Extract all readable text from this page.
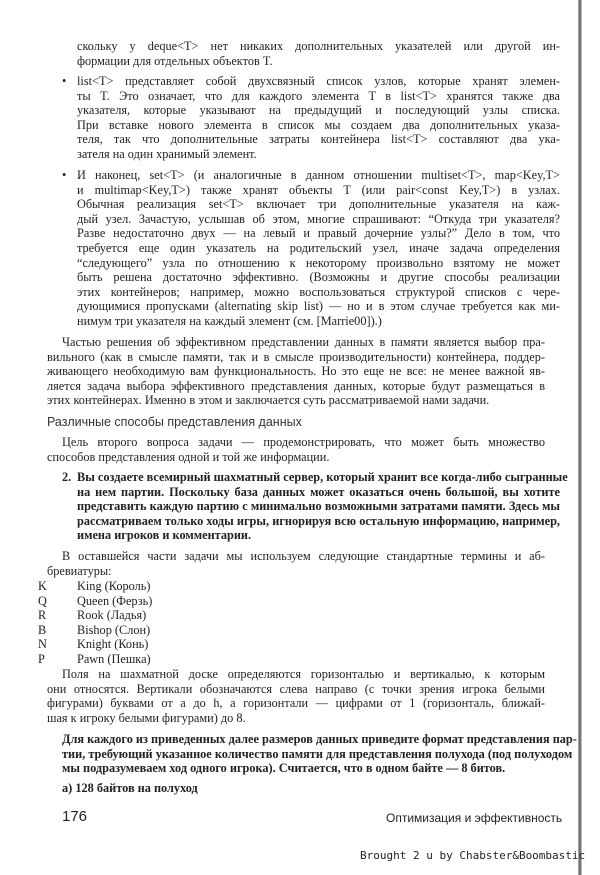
скольку у deque<T> нет никаких дополнительных указателей или другой ин-
формации для отдельных объектов T.
• list<T> представляет собой двухсвязный список узлов, которые хранят элемен-
ты T. Это означает, что для каждого элемента T в list<T> хранятся также два
указателя, которые указывают на предыдущий и последующий узлы списка.
При вставке нового элемента в список мы создаем два дополнительных указа-
теля, так что дополнительные затраты контейнера list<T> составляют два ука-
зателя на один хранимый элемент.
• И наконец, set<T> (и аналогичные в данном отношении multiset<T>, map<Key,T>
и multimap<Key,T>) также хранят объекты T (или pair<const Key,T>) в узлах.
Обычная реализация set<T> включает три дополнительные указателя на каж-
дый узел. Зачастую, услышав об этом, многие спрашивают: “Откуда три указателя?
Разве недостаточно двух — на левый и правый дочерние узлы?” Дело в том, что
требуется еще один указатель на родительский узел, иначе задача определения
“следующего” узла по отношению к некоторому произвольно взятому не может
быть решена достаточно эффективно. (Возможны и другие способы реализации
этих контейнеров; например, можно воспользоваться структурой списков с чере-
дующимися пропусками (alternating skip list) — но и в этом случае требуется как ми-
нимум три указателя на каждый элемент (см. [Marrie00]).)
Частью решения об эффективном представлении данных в памяти является выбор пра-
вильного (как в смысле памяти, так и в смысле производительности) контейнера, поддер-
живающего необходимую вам функциональность. Но это еще не все: не менее важной яв-
ляется задача выбора эффективного представления данных, которые будут размещаться в
этих контейнерах. Именно в этом и заключается суть рассматриваемой нами задачи.
Различные способы представления данных
Цель второго вопроса задачи — продемонстрировать, что может быть множество
способов представления одной и той же информации.
2. Вы создаете всемирный шахматный сервер, который хранит все когда-либо сыгранные
на нем партии. Поскольку база данных может оказаться очень большой, вы хотите
представить каждую партию с минимально возможными затратами памяти. Здесь мы
рассматриваем только ходы игры, игнорируя всю остальную информацию, например,
имена игроков и комментарии.
В оставшейся части задачи мы используем следующие стандартные термины и аб-
бревиатуры:
K	King (Король)
Q	Queen (Ферзь)
R	Rook (Ладья)
B	Bishop (Слон)
N	Knight (Конь)
P	Pawn (Пешка)
Поля на шахматной доске определяются горизонталью и вертикалью, к которым
они относятся. Вертикали обозначаются слева направо (с точки зрения игрока белыми
фигурами) буквами от a до h, а горизонтали — цифрами от 1 (горизонталь, ближай-
шая к игроку белыми фигурами) до 8.
Для каждого из приведенных далее размеров данных приведите формат представления пар-
тии, требующий указанное количество памяти для представления полухода (под полуходом
мы подразумеваем ход одного игрока). Считается, что в одном байте — 8 битов.
а) 128 байтов на полуход
176	Оптимизация и эффективность
Brought 2 u by Chabster&Boombastic
